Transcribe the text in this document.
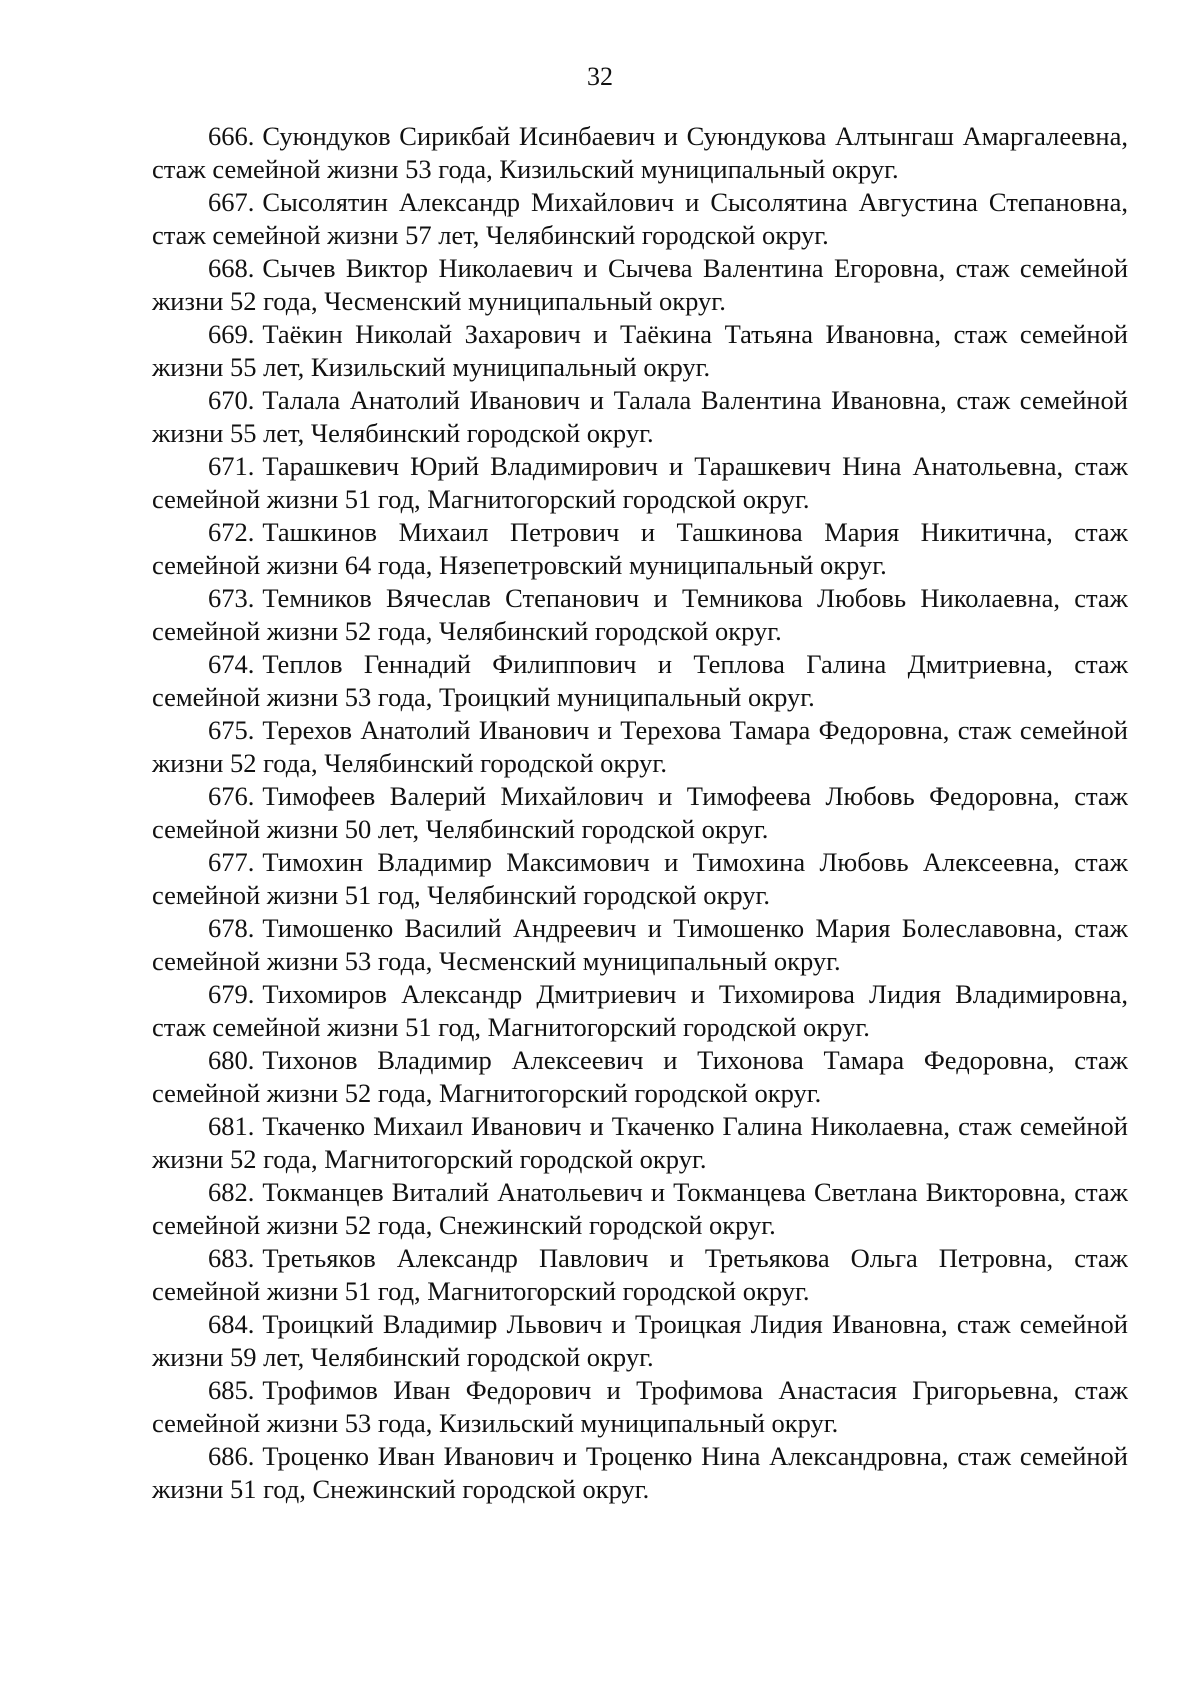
32

666. Суюндуков Сирикбай Исинбаевич и Суюндукова Алтынгаш Амаргалеевна, стаж семейной жизни 53 года, Кизильский муниципальный округ.

667. Сысолятин Александр Михайлович и Сысолятина Августина Степановна, стаж семейной жизни 57 лет, Челябинский городской округ.

668. Сычев Виктор Николаевич и Сычева Валентина Егоровна, стаж семейной жизни 52 года, Чесменский муниципальный округ.

669. Таёкин Николай Захарович и Таёкина Татьяна Ивановна, стаж семейной жизни 55 лет, Кизильский муниципальный округ.

670. Талала Анатолий Иванович и Талала Валентина Ивановна, стаж семейной жизни 55 лет, Челябинский городской округ.

671. Тарашкевич Юрий Владимирович и Тарашкевич Нина Анатольевна, стаж семейной жизни 51 год, Магнитогорский городской округ.

672. Ташкинов Михаил Петрович и Ташкинова Мария Никитична, стаж семейной жизни 64 года, Нязепетровский муниципальный округ.

673. Темников Вячеслав Степанович и Темникова Любовь Николаевна, стаж семейной жизни 52 года, Челябинский городской округ.

674. Теплов Геннадий Филиппович и Теплова Галина Дмитриевна, стаж семейной жизни 53 года, Троицкий муниципальный округ.

675. Терехов Анатолий Иванович и Терехова Тамара Федоровна, стаж семейной жизни 52 года, Челябинский городской округ.

676. Тимофеев Валерий Михайлович и Тимофеева Любовь Федоровна, стаж семейной жизни 50 лет, Челябинский городской округ.

677. Тимохин Владимир Максимович и Тимохина Любовь Алексеевна, стаж семейной жизни 51 год, Челябинский городской округ.

678. Тимошенко Василий Андреевич и Тимошенко Мария Болеславовна, стаж семейной жизни 53 года, Чесменский муниципальный округ.

679. Тихомиров Александр Дмитриевич и Тихомирова Лидия Владимировна, стаж семейной жизни 51 год, Магнитогорский городской округ.

680. Тихонов Владимир Алексеевич и Тихонова Тамара Федоровна, стаж семейной жизни 52 года, Магнитогорский городской округ.

681. Ткаченко Михаил Иванович и Ткаченко Галина Николаевна, стаж семейной жизни 52 года, Магнитогорский городской округ.

682. Токманцев Виталий Анатольевич и Токманцева Светлана Викторовна, стаж семейной жизни 52 года, Снежинский городской округ.

683. Третьяков Александр Павлович и Третьякова Ольга Петровна, стаж семейной жизни 51 год, Магнитогорский городской округ.

684. Троицкий Владимир Львович и Троицкая Лидия Ивановна, стаж семейной жизни 59 лет, Челябинский городской округ.

685. Трофимов Иван Федорович и Трофимова Анастасия Григорьевна, стаж семейной жизни 53 года, Кизильский муниципальный округ.

686. Троценко Иван Иванович и Троценко Нина Александровна, стаж семейной жизни 51 год, Снежинский городской округ.
